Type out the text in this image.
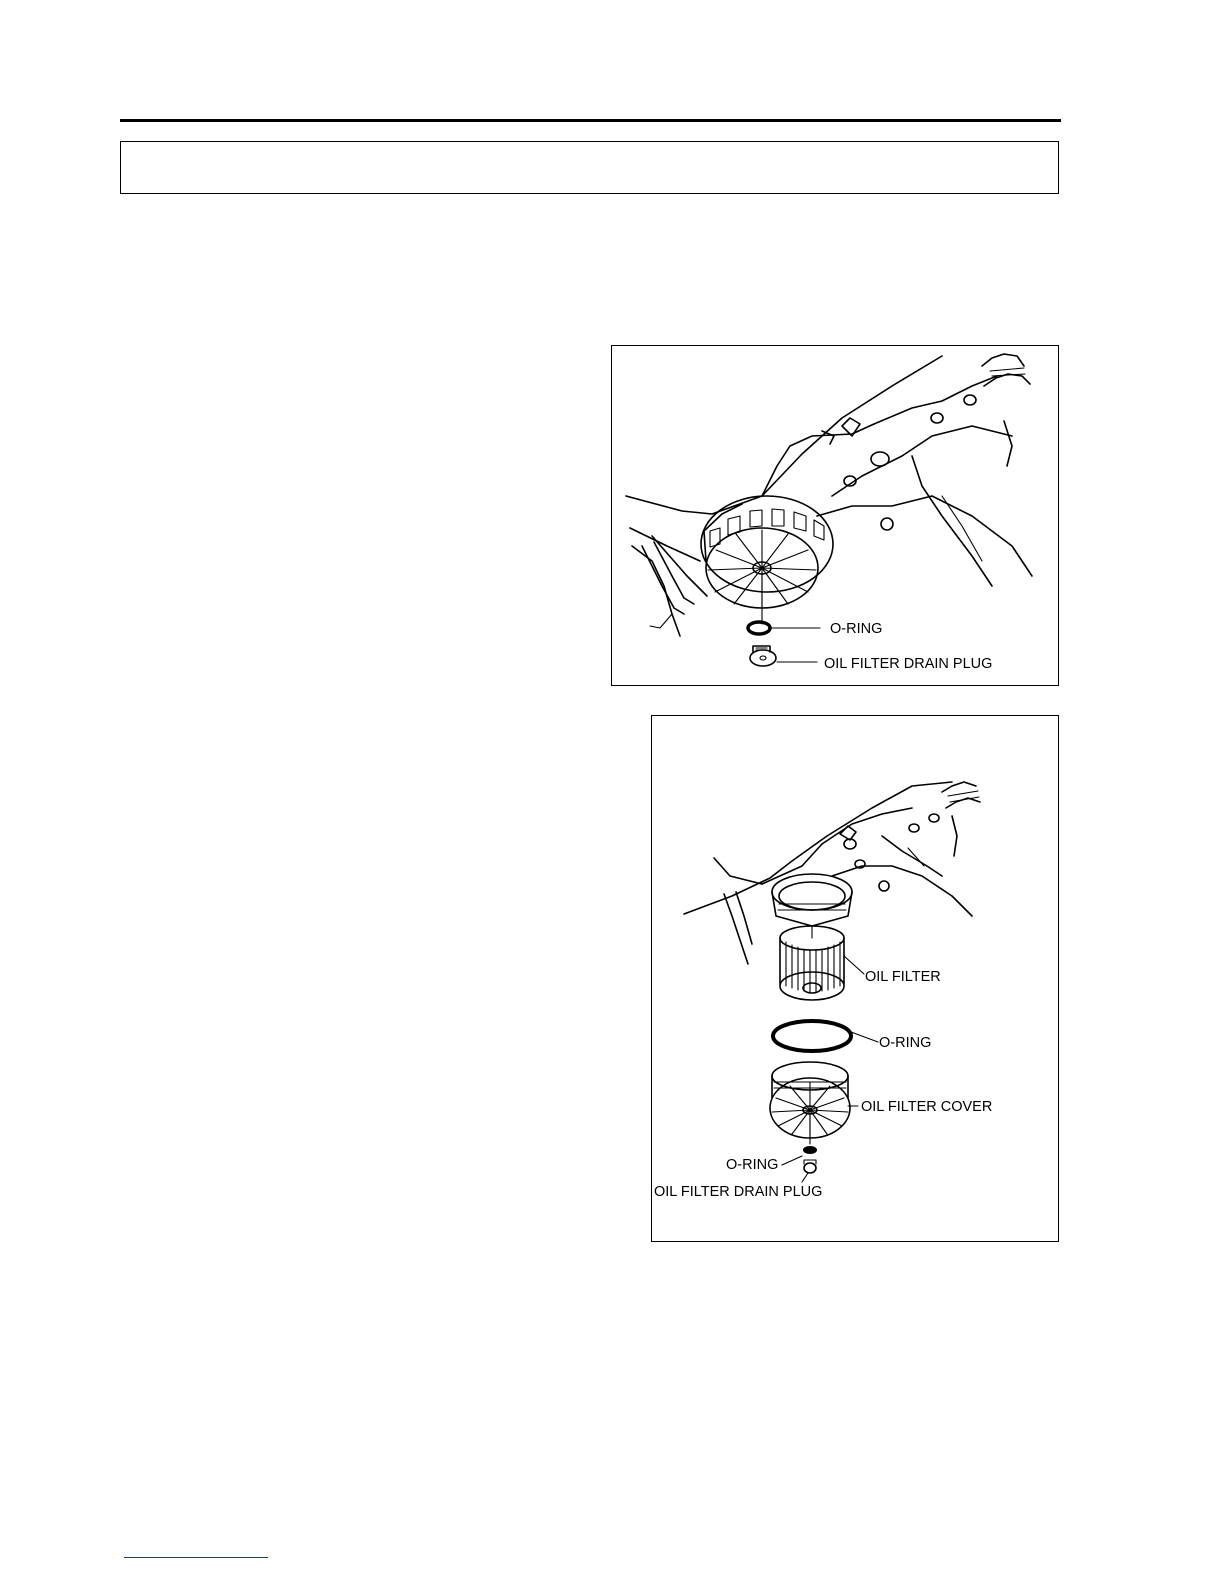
O-RING
OIL FILTER DRAIN PLUG
OIL FILTER
O-RING
OIL FILTER COVER
O-RING
OIL FILTER DRAIN PLUG
